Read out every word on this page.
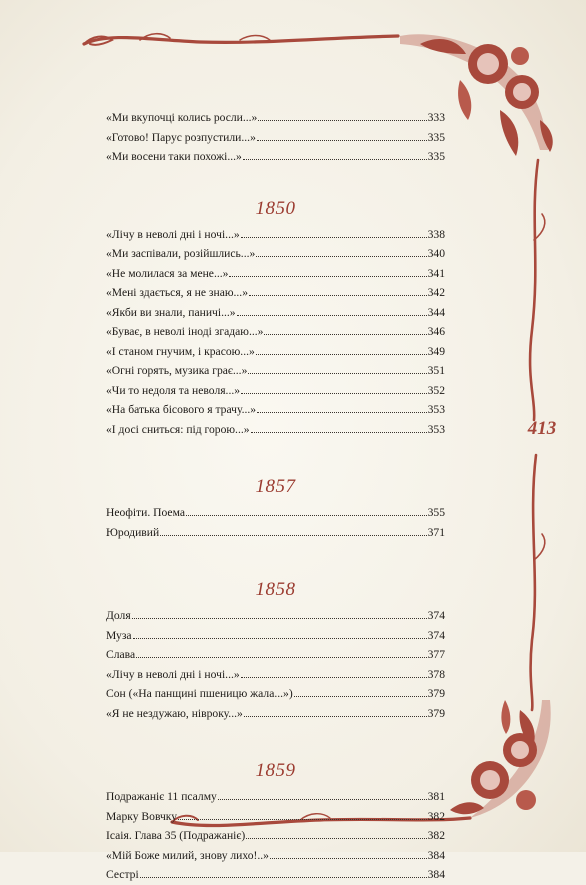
«Ми вкупочці колись росли...»	333
«Готово! Парус розпустили...»	335
«Ми восени таки похожі...»	335
1850
«Лічу в неволі дні і ночі...»	338
«Ми заспівали, розійшлись...»	340
«Не молилася за мене...»	341
«Мені здається, я не знаю...»	342
«Якби ви знали, паничі...»	344
«Буває, в неволі іноді згадаю...»	346
«І станом гнучим, і красою...»	349
«Огні горять, музика грає...»	351
«Чи то недоля та неволя...»	352
«На батька бісового я трачу...»	353
«І досі сниться: під горою...»	353
1857
Неофіти. Поема	355
Юродивий	371
1858
Доля	374
Муза	374
Слава	377
«Лічу в неволі дні і ночі...»	378
Сон («На панщині пшеницю жала...»)	379
«Я не нездужаю, нівроку...»	379
1859
Подражаніє 11 псалму	381
Марку Вовчку	382
Ісаія. Глава 35 (Подражаніє)	382
«Мій Боже милий, знову лихо!..»	384
Сестрі	384
413
